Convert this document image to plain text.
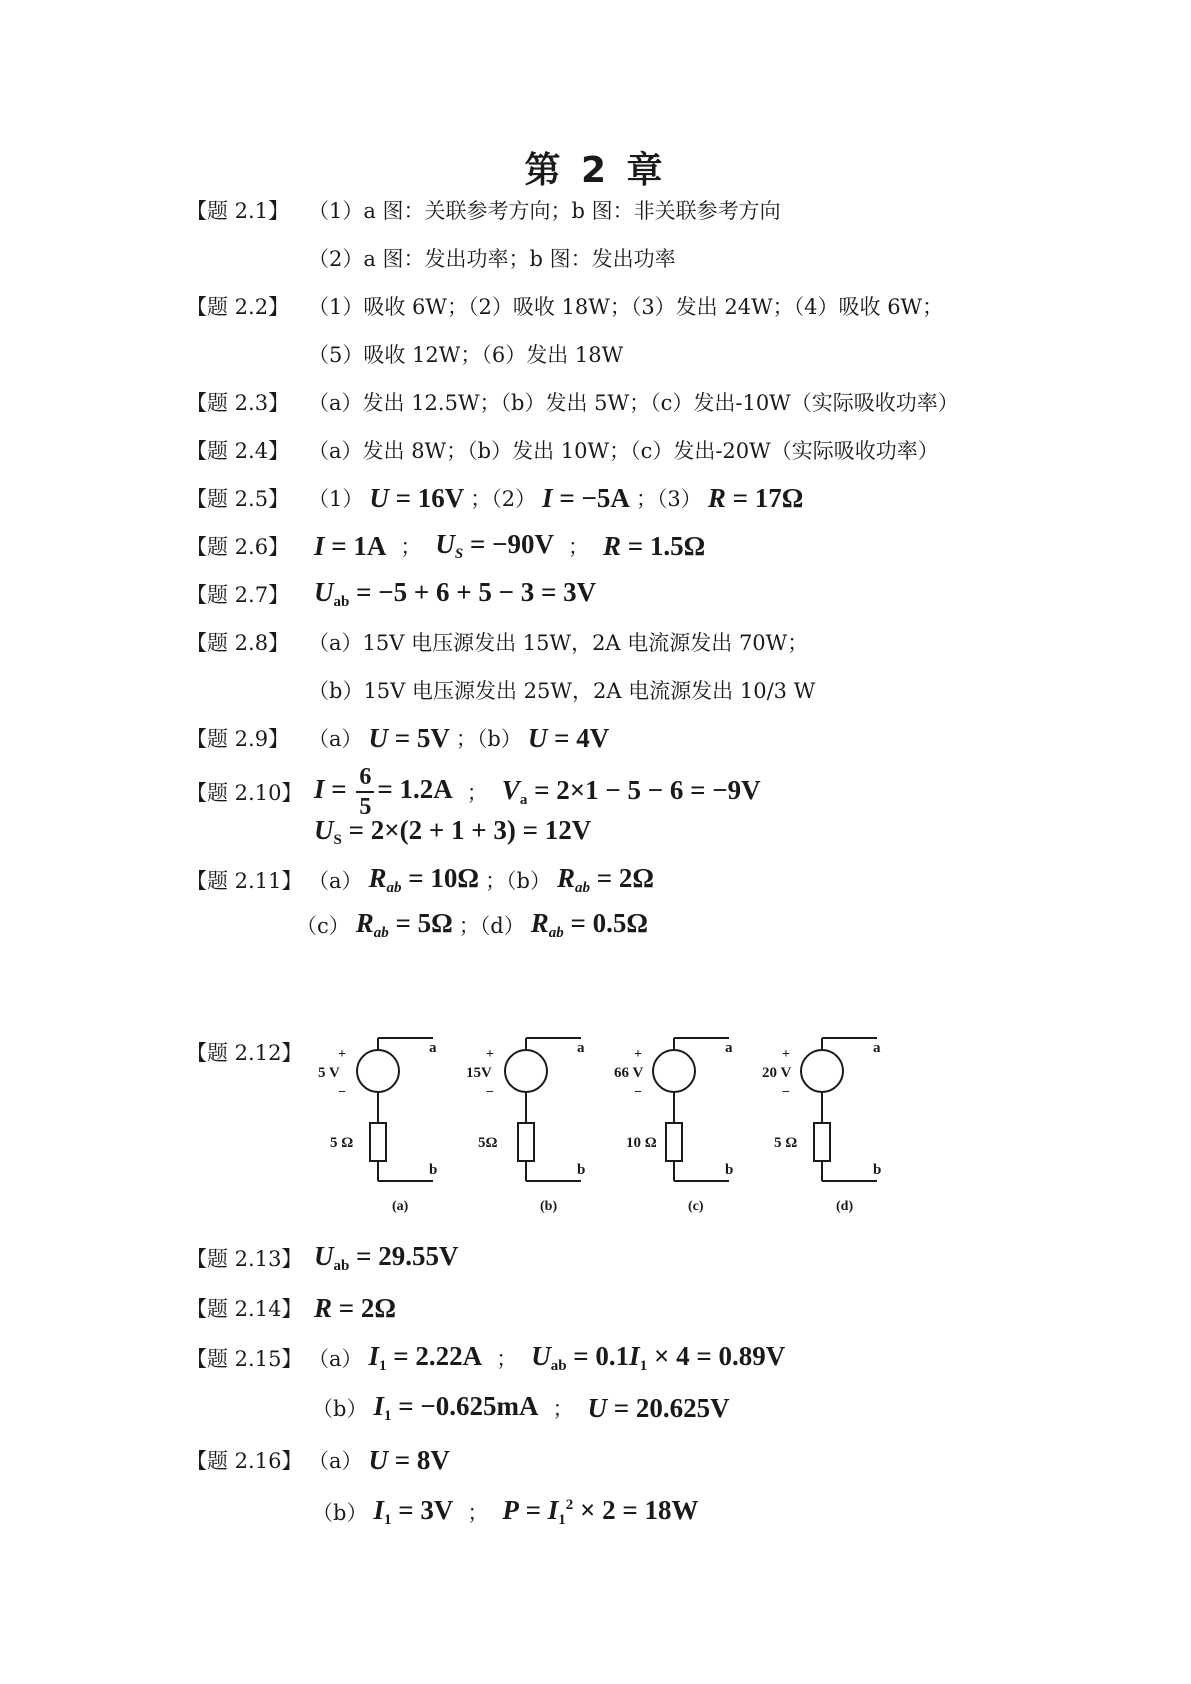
第 2 章
【题 2.1】 （1）a 图：关联参考方向；b 图：非关联参考方向
（2）a 图：发出功率；b 图：发出功率
【题 2.2】 （1）吸收 6W；（2）吸收 18W；（3）发出 24W；（4）吸收 6W；
（5）吸收 12W；（6）发出 18W
【题 2.3】 （a）发出 12.5W；（b）发出 5W；（c）发出-10W（实际吸收功率）
【题 2.4】 （a）发出 8W；（b）发出 10W；（c）发出-20W（实际吸收功率）
【题 2.5】 （1） U = 16V ；（2） I = −5A ；（3） R = 17Ω
【题 2.6】 I = 1A ； $U_S = -90V$ ； R = 1.5Ω
【题 2.7】 $U_{ab} = -5 + 6 + 5 - 3 = 3V$
【题 2.8】 （a）15V 电压源发出 15W，2A 电流源发出 70W；
（b）15V 电压源发出 25W，2A 电流源发出 10/3 W
【题 2.9】 （a） U = 5V ；（b） U = 4V
【题 2.10】 $I = \frac{6}{5} = 1.2A$ ； $V_a = 2\times 1 - 5 - 6 = -9V$
$U_S = 2\times(2 + 1 + 3) = 12V$
【题 2.11】 （a） $R_{ab} = 10\Omega$ ；（b） $R_{ab} = 2\Omega$
（c） $R_{ab} = 5\Omega$ ；（d） $R_{ab} = 0.5\Omega$
【题 2.12】	a
+
5 V
−
5 Ω
b
(a)
a
+
15V
−
5Ω
b
(b)
a
+
66 V
−
10 Ω
b
(c)
a
+
20 V
−
5 Ω
b
(d)
【题 2.13】 $U_{ab} = 29.55V$
【题 2.14】 R = 2Ω
【题 2.15】 （a） $I_1 = 2.22A$ ； $U_{ab} = 0.1I_1 \times 4 = 0.89V$
（b） $I_1 = -0.625mA$ ； U = 20.625V
【题 2.16】 （a） U = 8V
（b） $I_1 = 3V$ ； $P = I_1^2 \times 2 = 18W$
